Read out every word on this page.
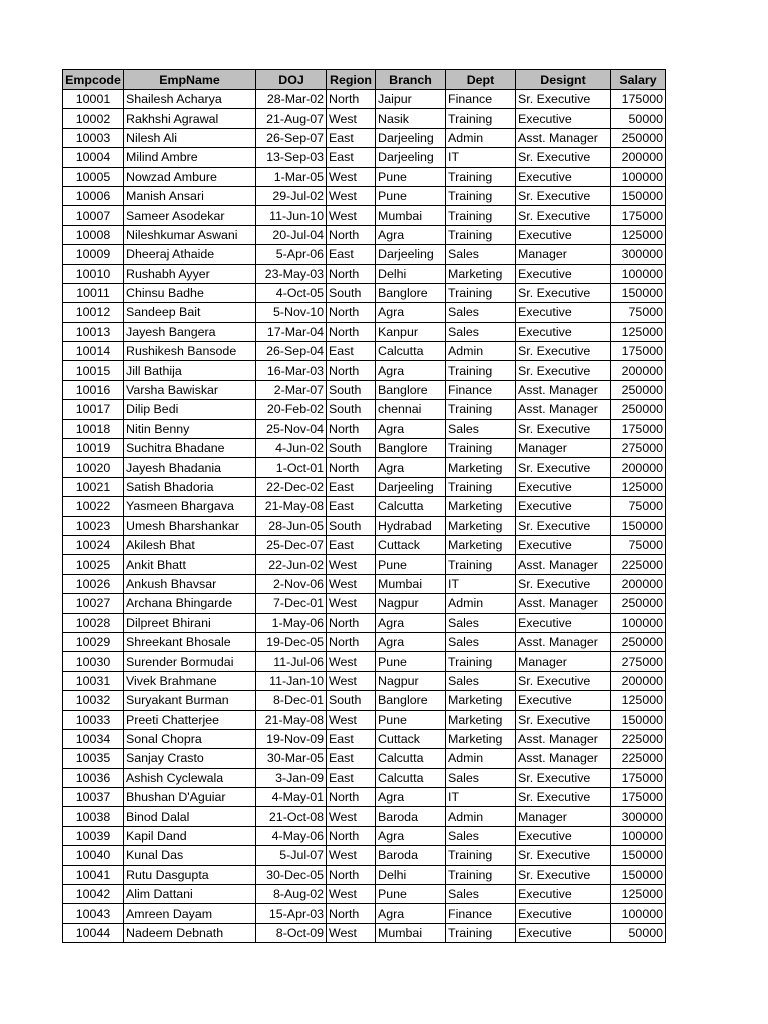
Empcode	EmpName	DOJ	Region	Branch	Dept	Designt	Salary
10001	Shailesh Acharya	28-Mar-02	North	Jaipur	Finance	Sr. Executive	175000
10002	Rakhshi Agrawal	21-Aug-07	West	Nasik	Training	Executive	50000
10003	Nilesh Ali	26-Sep-07	East	Darjeeling	Admin	Asst. Manager	250000
10004	Milind Ambre	13-Sep-03	East	Darjeeling	IT	Sr. Executive	200000
10005	Nowzad Ambure	1-Mar-05	West	Pune	Training	Executive	100000
10006	Manish Ansari	29-Jul-02	West	Pune	Training	Sr. Executive	150000
10007	Sameer Asodekar	11-Jun-10	West	Mumbai	Training	Sr. Executive	175000
10008	Nileshkumar Aswani	20-Jul-04	North	Agra	Training	Executive	125000
10009	Dheeraj Athaide	5-Apr-06	East	Darjeeling	Sales	Manager	300000
10010	Rushabh Ayyer	23-May-03	North	Delhi	Marketing	Executive	100000
10011	Chinsu Badhe	4-Oct-05	South	Banglore	Training	Sr. Executive	150000
10012	Sandeep Bait	5-Nov-10	North	Agra	Sales	Executive	75000
10013	Jayesh Bangera	17-Mar-04	North	Kanpur	Sales	Executive	125000
10014	Rushikesh Bansode	26-Sep-04	East	Calcutta	Admin	Sr. Executive	175000
10015	Jill Bathija	16-Mar-03	North	Agra	Training	Sr. Executive	200000
10016	Varsha Bawiskar	2-Mar-07	South	Banglore	Finance	Asst. Manager	250000
10017	Dilip Bedi	20-Feb-02	South	chennai	Training	Asst. Manager	250000
10018	Nitin Benny	25-Nov-04	North	Agra	Sales	Sr. Executive	175000
10019	Suchitra Bhadane	4-Jun-02	South	Banglore	Training	Manager	275000
10020	Jayesh Bhadania	1-Oct-01	North	Agra	Marketing	Sr. Executive	200000
10021	Satish Bhadoria	22-Dec-02	East	Darjeeling	Training	Executive	125000
10022	Yasmeen Bhargava	21-May-08	East	Calcutta	Marketing	Executive	75000
10023	Umesh Bharshankar	28-Jun-05	South	Hydrabad	Marketing	Sr. Executive	150000
10024	Akilesh Bhat	25-Dec-07	East	Cuttack	Marketing	Executive	75000
10025	Ankit Bhatt	22-Jun-02	West	Pune	Training	Asst. Manager	225000
10026	Ankush Bhavsar	2-Nov-06	West	Mumbai	IT	Sr. Executive	200000
10027	Archana Bhingarde	7-Dec-01	West	Nagpur	Admin	Asst. Manager	250000
10028	Dilpreet Bhirani	1-May-06	North	Agra	Sales	Executive	100000
10029	Shreekant Bhosale	19-Dec-05	North	Agra	Sales	Asst. Manager	250000
10030	Surender Bormudai	11-Jul-06	West	Pune	Training	Manager	275000
10031	Vivek Brahmane	11-Jan-10	West	Nagpur	Sales	Sr. Executive	200000
10032	Suryakant Burman	8-Dec-01	South	Banglore	Marketing	Executive	125000
10033	Preeti Chatterjee	21-May-08	West	Pune	Marketing	Sr. Executive	150000
10034	Sonal Chopra	19-Nov-09	East	Cuttack	Marketing	Asst. Manager	225000
10035	Sanjay Crasto	30-Mar-05	East	Calcutta	Admin	Asst. Manager	225000
10036	Ashish Cyclewala	3-Jan-09	East	Calcutta	Sales	Sr. Executive	175000
10037	Bhushan D'Aguiar	4-May-01	North	Agra	IT	Sr. Executive	175000
10038	Binod Dalal	21-Oct-08	West	Baroda	Admin	Manager	300000
10039	Kapil Dand	4-May-06	North	Agra	Sales	Executive	100000
10040	Kunal Das	5-Jul-07	West	Baroda	Training	Sr. Executive	150000
10041	Rutu Dasgupta	30-Dec-05	North	Delhi	Training	Sr. Executive	150000
10042	Alim Dattani	8-Aug-02	West	Pune	Sales	Executive	125000
10043	Amreen Dayam	15-Apr-03	North	Agra	Finance	Executive	100000
10044	Nadeem Debnath	8-Oct-09	West	Mumbai	Training	Executive	50000
